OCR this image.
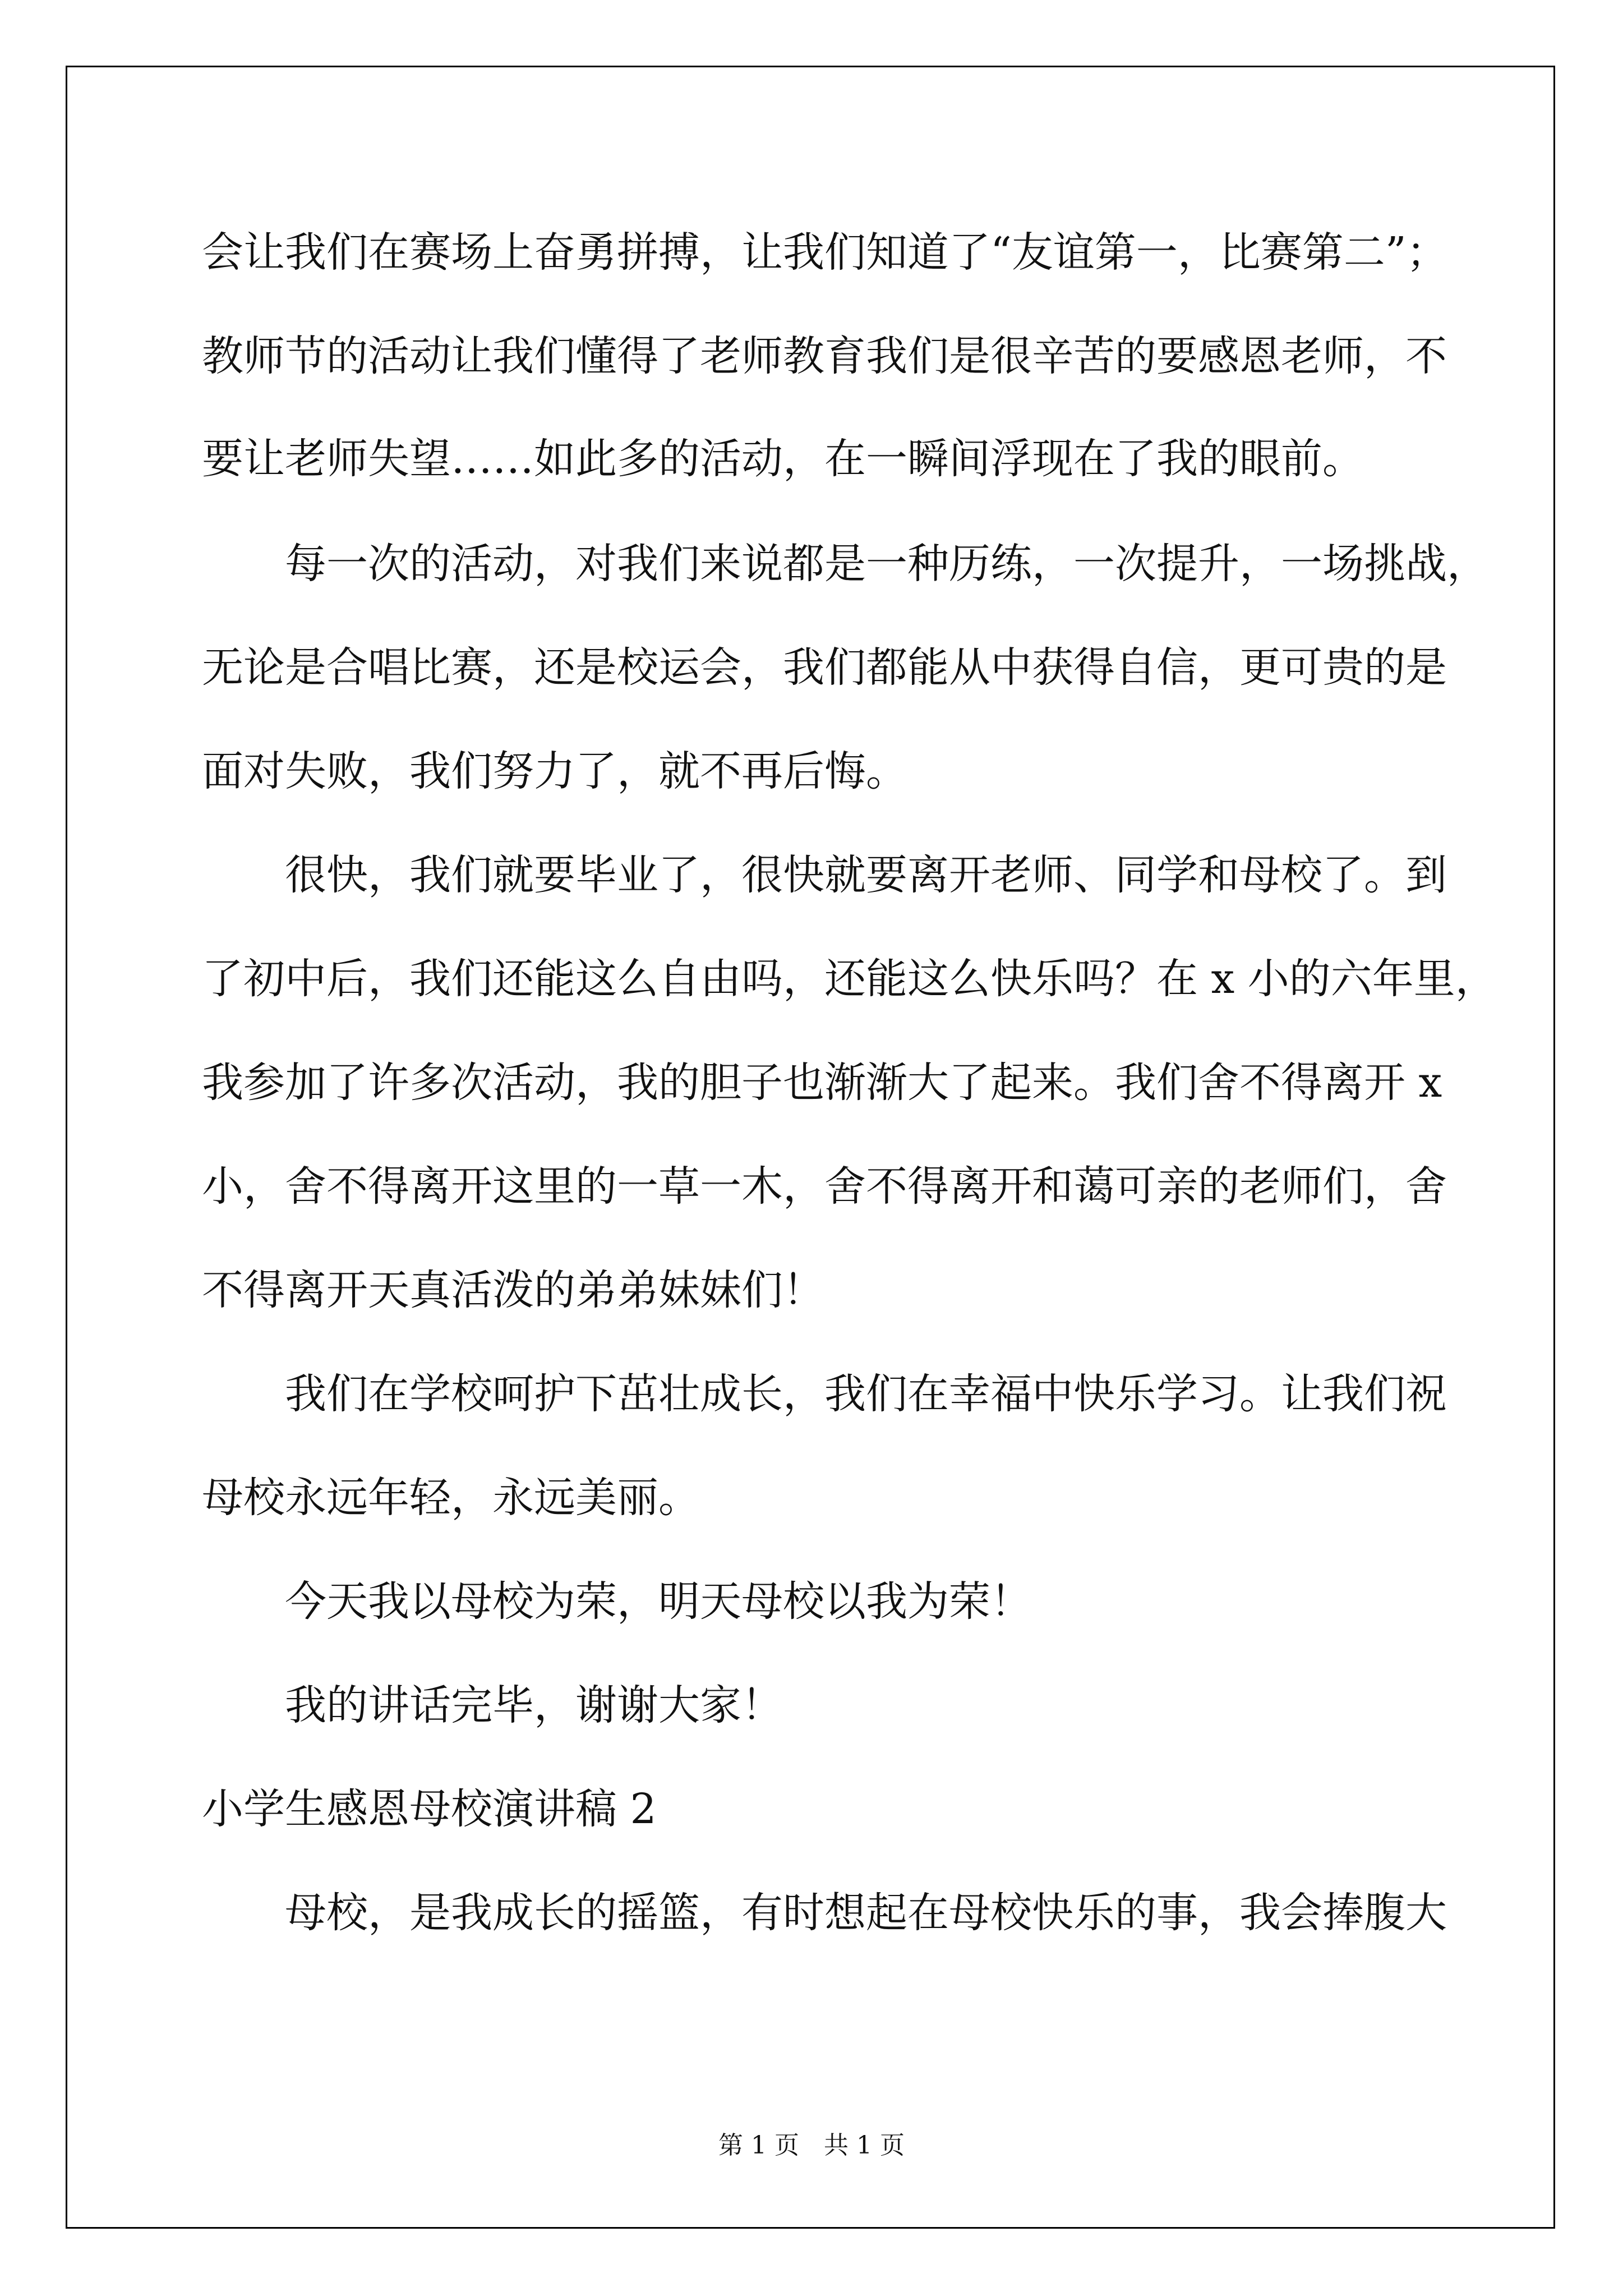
会让我们在赛场上奋勇拼搏，让我们知道了“友谊第一，比赛第二”；
教师节的活动让我们懂得了老师教育我们是很辛苦的要感恩老师，不
要让老师失望……如此多的活动，在一瞬间浮现在了我的眼前。
每一次的活动，对我们来说都是一种历练，一次提升，一场挑战，
无论是合唱比赛，还是校运会，我们都能从中获得自信，更可贵的是
面对失败，我们努力了，就不再后悔。
很快，我们就要毕业了，很快就要离开老师、同学和母校了。到
了初中后，我们还能这么自由吗，还能这么快乐吗？在 x 小的六年里，
我参加了许多次活动，我的胆子也渐渐大了起来。我们舍不得离开 x
小，舍不得离开这里的一草一木，舍不得离开和蔼可亲的老师们，舍
不得离开天真活泼的弟弟妹妹们！
我们在学校呵护下茁壮成长，我们在幸福中快乐学习。让我们祝
母校永远年轻，永远美丽。
今天我以母校为荣，明天母校以我为荣！
我的讲话完毕，谢谢大家！
小学生感恩母校演讲稿 2
母校，是我成长的摇篮，有时想起在母校快乐的事，我会捧腹大
第 1 页　共 1 页
